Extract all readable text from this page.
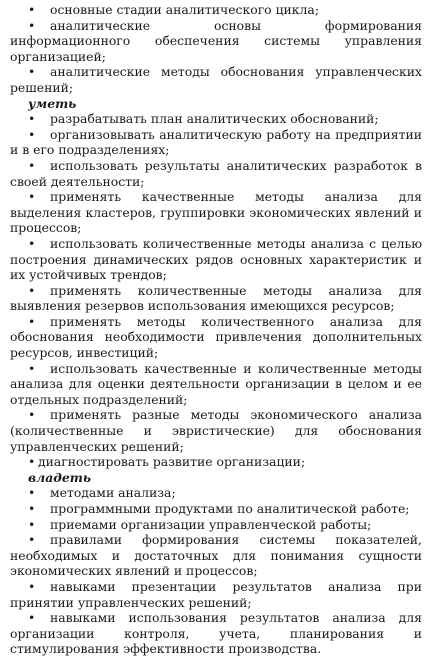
• основные стадии аналитического цикла;

• аналитические основы формирования информационного обеспечения системы управления организацией;

• аналитические методы обоснования управленческих решений;

уметь

• разрабатывать план аналитических обоснований;

• организовывать аналитическую работу на предприятии и в его подразделениях;

• использовать результаты аналитических разработок в своей деятельности;

• применять качественные методы анализа для выделения кластеров, группировки экономических явлений и процессов;

• использовать количественные методы анализа с целью построения динамических рядов основных характеристик и их устойчивых трендов;

• применять количественные методы анализа для выявления резервов использования имеющихся ресурсов;

• применять методы количественного анализа для обоснования необходимости привлечения дополнительных ресурсов, инвестиций;

• использовать качественные и количественные методы анализа для оценки деятельности организации в целом и ее отдельных подразделений;

• применять разные методы экономического анализа (количественные и эвристические) для обоснования управленческих решений;

• диагностировать развитие организации;

владеть

• методами анализа;

• программными продуктами по аналитической работе;

• приемами организации управленческой работы;

• правилами формирования системы показателей, необходимых и достаточных для понимания сущности экономических явлений и процессов;

• навыками презентации результатов анализа при принятии управленческих решений;

• навыками использования результатов анализа для организации контроля, учета, планирования и стимулирования эффективности производства.
